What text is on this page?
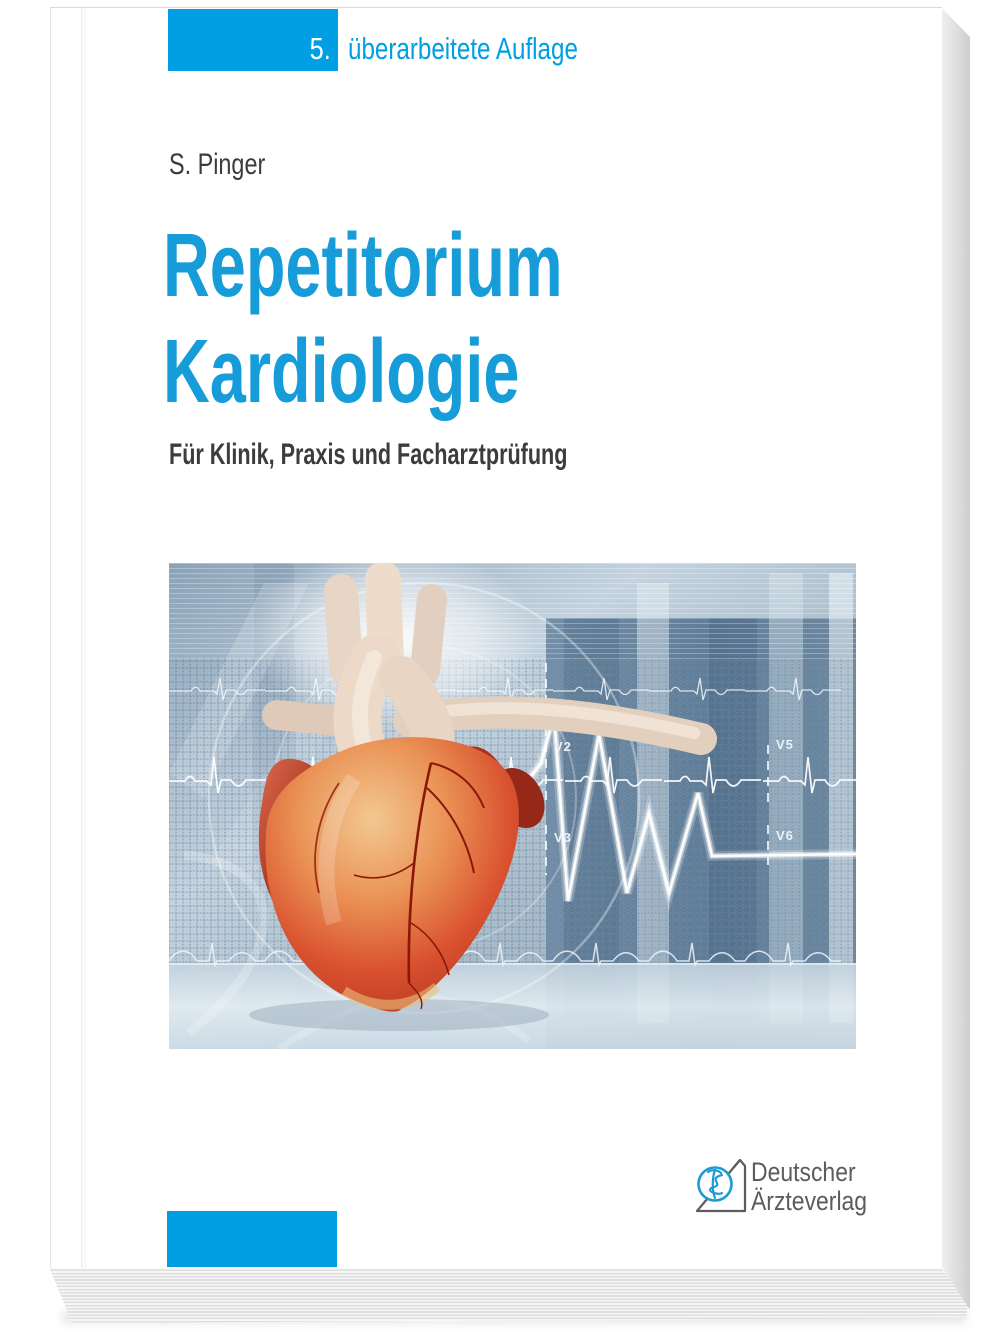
5. überarbeitete Auflage
S. Pinger
Repetitorium
Kardiologie
Für Klinik, Praxis und Facharztprüfung
V2	V5
V3	V6
Deutscher
Ärzteverlag
